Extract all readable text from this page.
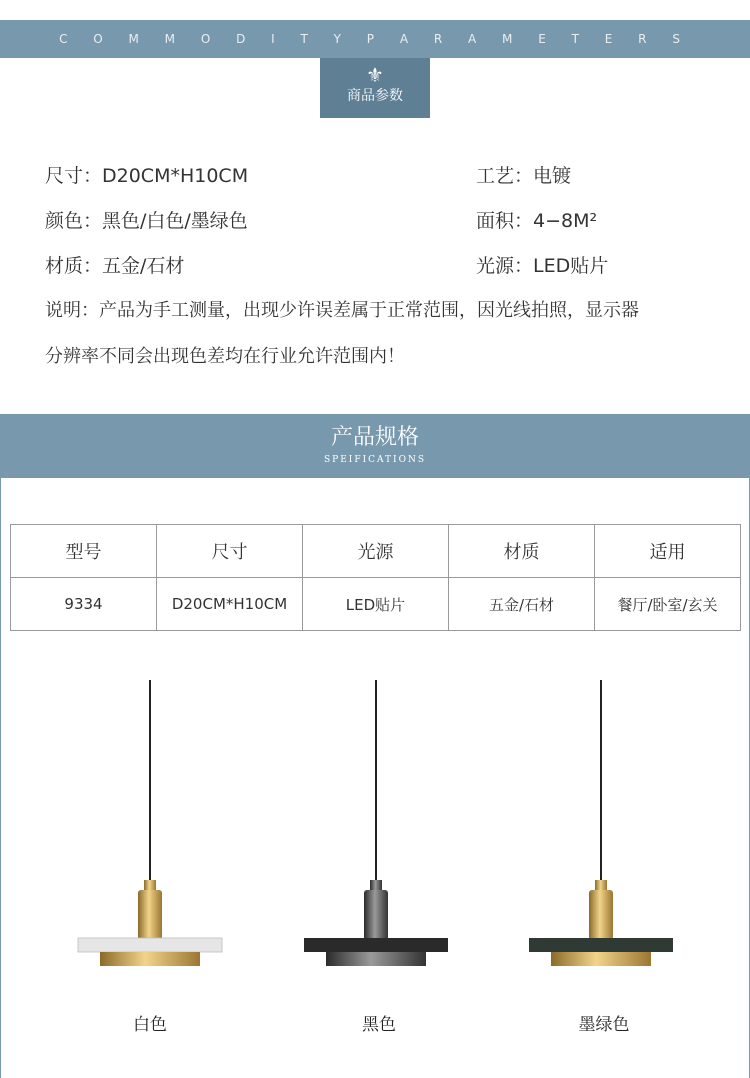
C O M M O D I T Y P A R A M E T E R S
⚜
商品参数
尺寸：D20CM*H10CM	工艺：电镀
颜色：黑色/白色/墨绿色	面积：4−8M²
材质：五金/石材	光源：LED贴片
说明：产品为手工测量，出现少许误差属于正常范围，因光线拍照，显示器
分辨率不同会出现色差均在行业允许范围内！
产品规格
SPEIFICATIONS
型号	尺寸	光源	材质	适用
9334	D20CM*H10CM	LED贴片	五金/石材	餐厅/卧室/玄关
白色	黑色	墨绿色
